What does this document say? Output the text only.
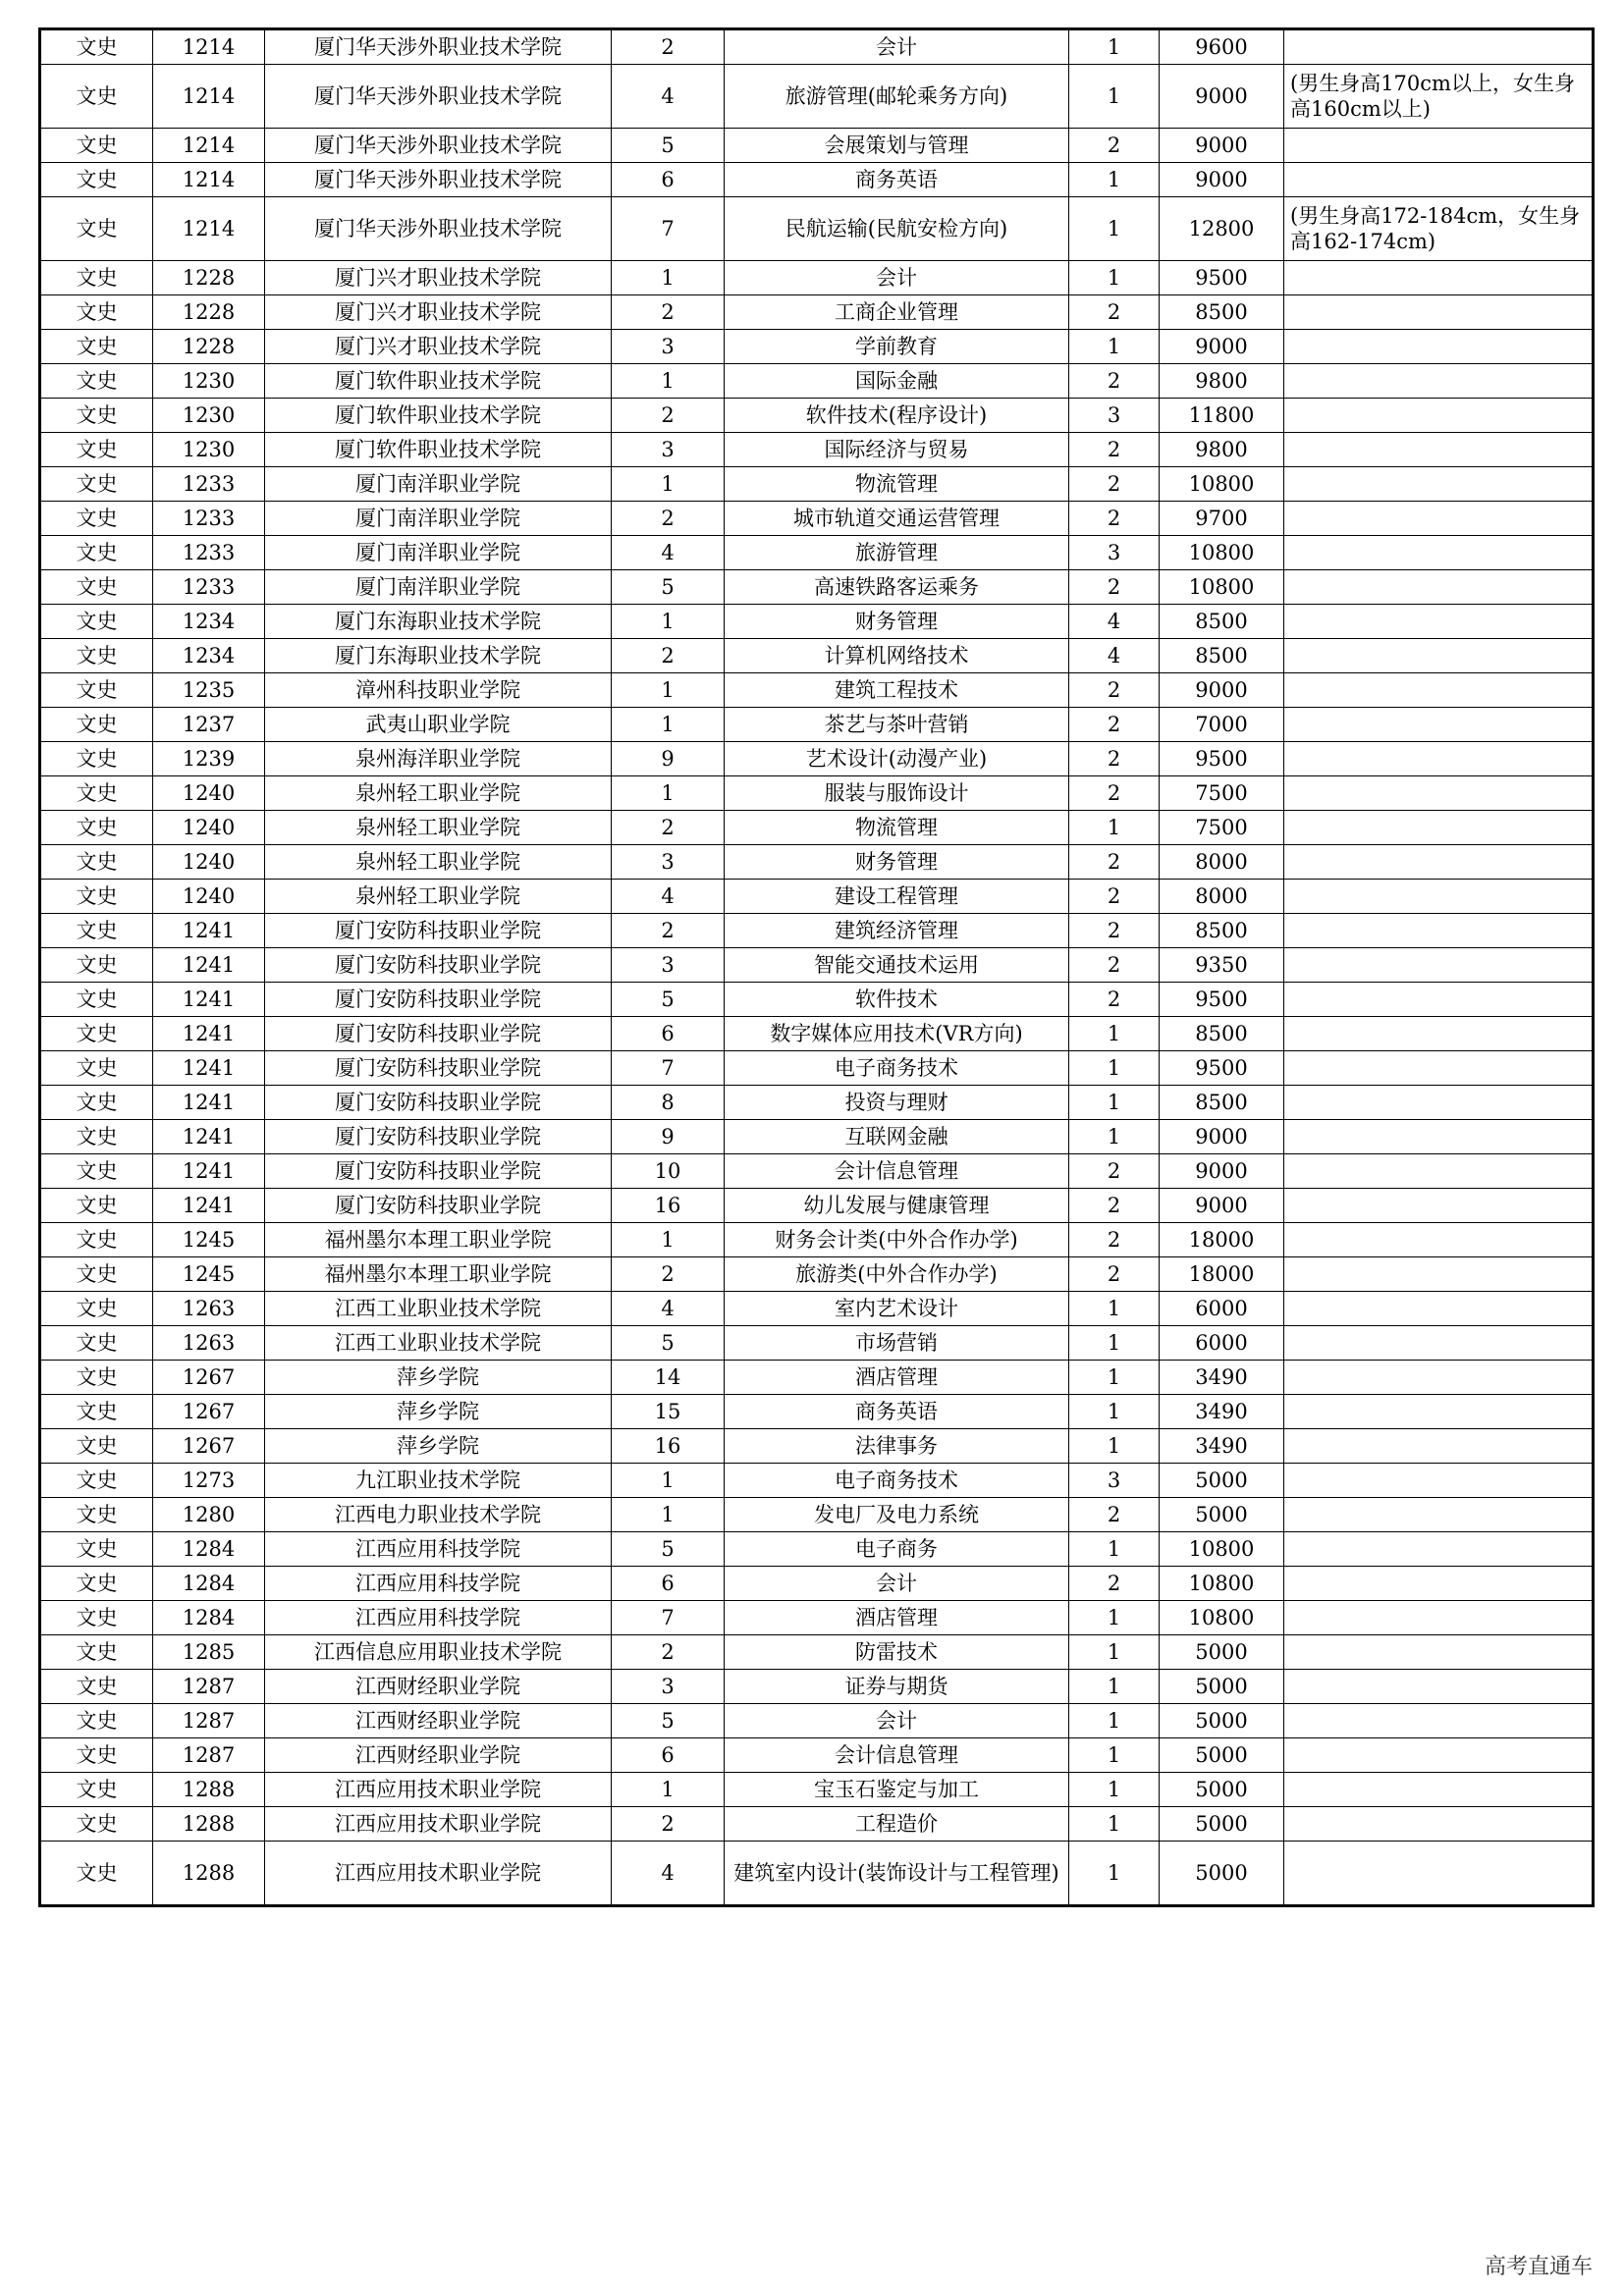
文史	1214	厦门华天涉外职业技术学院	2	会计	1	9600	
文史	1214	厦门华天涉外职业技术学院	4	旅游管理(邮轮乘务方向)	1	9000	(男生身高170cm以上，女生身高160cm以上)
文史	1214	厦门华天涉外职业技术学院	5	会展策划与管理	2	9000	
文史	1214	厦门华天涉外职业技术学院	6	商务英语	1	9000	
文史	1214	厦门华天涉外职业技术学院	7	民航运输(民航安检方向)	1	12800	(男生身高172-184cm，女生身高162-174cm)
文史	1228	厦门兴才职业技术学院	1	会计	1	9500	
文史	1228	厦门兴才职业技术学院	2	工商企业管理	2	8500	
文史	1228	厦门兴才职业技术学院	3	学前教育	1	9000	
文史	1230	厦门软件职业技术学院	1	国际金融	2	9800	
文史	1230	厦门软件职业技术学院	2	软件技术(程序设计)	3	11800	
文史	1230	厦门软件职业技术学院	3	国际经济与贸易	2	9800	
文史	1233	厦门南洋职业学院	1	物流管理	2	10800	
文史	1233	厦门南洋职业学院	2	城市轨道交通运营管理	2	9700	
文史	1233	厦门南洋职业学院	4	旅游管理	3	10800	
文史	1233	厦门南洋职业学院	5	高速铁路客运乘务	2	10800	
文史	1234	厦门东海职业技术学院	1	财务管理	4	8500	
文史	1234	厦门东海职业技术学院	2	计算机网络技术	4	8500	
文史	1235	漳州科技职业学院	1	建筑工程技术	2	9000	
文史	1237	武夷山职业学院	1	茶艺与茶叶营销	2	7000	
文史	1239	泉州海洋职业学院	9	艺术设计(动漫产业)	2	9500	
文史	1240	泉州轻工职业学院	1	服装与服饰设计	2	7500	
文史	1240	泉州轻工职业学院	2	物流管理	1	7500	
文史	1240	泉州轻工职业学院	3	财务管理	2	8000	
文史	1240	泉州轻工职业学院	4	建设工程管理	2	8000	
文史	1241	厦门安防科技职业学院	2	建筑经济管理	2	8500	
文史	1241	厦门安防科技职业学院	3	智能交通技术运用	2	9350	
文史	1241	厦门安防科技职业学院	5	软件技术	2	9500	
文史	1241	厦门安防科技职业学院	6	数字媒体应用技术(VR方向)	1	8500	
文史	1241	厦门安防科技职业学院	7	电子商务技术	1	9500	
文史	1241	厦门安防科技职业学院	8	投资与理财	1	8500	
文史	1241	厦门安防科技职业学院	9	互联网金融	1	9000	
文史	1241	厦门安防科技职业学院	10	会计信息管理	2	9000	
文史	1241	厦门安防科技职业学院	16	幼儿发展与健康管理	2	9000	
文史	1245	福州墨尔本理工职业学院	1	财务会计类(中外合作办学)	2	18000	
文史	1245	福州墨尔本理工职业学院	2	旅游类(中外合作办学)	2	18000	
文史	1263	江西工业职业技术学院	4	室内艺术设计	1	6000	
文史	1263	江西工业职业技术学院	5	市场营销	1	6000	
文史	1267	萍乡学院	14	酒店管理	1	3490	
文史	1267	萍乡学院	15	商务英语	1	3490	
文史	1267	萍乡学院	16	法律事务	1	3490	
文史	1273	九江职业技术学院	1	电子商务技术	3	5000	
文史	1280	江西电力职业技术学院	1	发电厂及电力系统	2	5000	
文史	1284	江西应用科技学院	5	电子商务	1	10800	
文史	1284	江西应用科技学院	6	会计	2	10800	
文史	1284	江西应用科技学院	7	酒店管理	1	10800	
文史	1285	江西信息应用职业技术学院	2	防雷技术	1	5000	
文史	1287	江西财经职业学院	3	证券与期货	1	5000	
文史	1287	江西财经职业学院	5	会计	1	5000	
文史	1287	江西财经职业学院	6	会计信息管理	1	5000	
文史	1288	江西应用技术职业学院	1	宝玉石鉴定与加工	1	5000	
文史	1288	江西应用技术职业学院	2	工程造价	1	5000	
文史	1288	江西应用技术职业学院	4	建筑室内设计(装饰设计与工程管理)	1	5000	
高考直通车
